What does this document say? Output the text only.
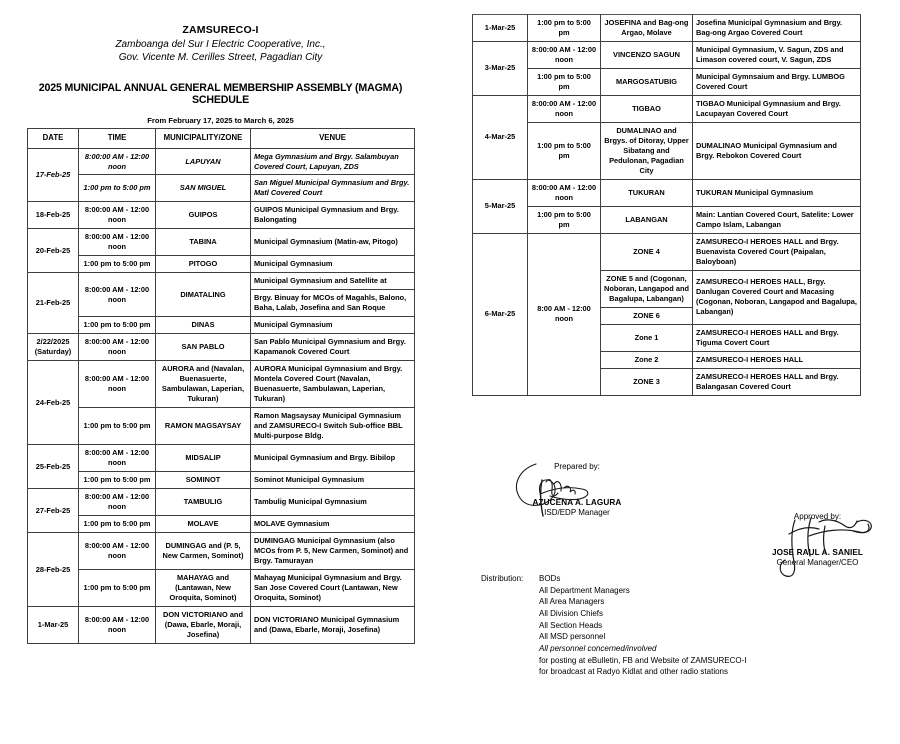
ZAMSURECO-I
Zamboanga del Sur I Electric Cooperative, Inc.,
Gov. Vicente M. Cerilles Street, Pagadian City
2025 MUNICIPAL ANNUAL GENERAL MEMBERSHIP ASSEMBLY (MAGMA) SCHEDULE
From February 17, 2025 to March 6, 2025
DATE	TIME	MUNICIPALITY/ZONE	VENUE
17-Feb-25	8:00:00 AM - 12:00 noon	LAPUYAN	Mega Gymnasium and Brgy. Salambuyan Covered Court, Lapuyan, ZDS
	1:00 pm to 5:00 pm	SAN MIGUEL	San Miguel Municipal Gymnasium and Brgy. Matl Covered Court
18-Feb-25	8:00:00 AM - 12:00 noon	GUIPOS	GUIPOS Municipal Gymnasium and Brgy. Balongating
20-Feb-25	8:00:00 AM - 12:00 noon	TABINA	Municipal Gymnasium (Matin-aw, Pitogo)
	1:00 pm to 5:00 pm	PITOGO	Municipal Gymnasium
21-Feb-25	8:00:00 AM - 12:00 noon	DIMATALING	Municipal Gymnasium and Satellite at
			Brgy. Binuay for MCOs of Magahls, Balono, Baha, Lalab, Josefina and San Roque
	1:00 pm to 5:00 pm	DINAS	Municipal Gymnasium
2/22/2025
(Saturday)	8:00:00 AM - 12:00 noon	SAN PABLO	San Pablo Municipal Gymnasium and Brgy. Kapamanok Covered Court
24-Feb-25	8:00:00 AM - 12:00 noon	AURORA and (Navalan, Buenasuerte, Sambulawan, Laperian, Tukuran)	AURORA Municipal Gymnasium and Brgy. Montela Covered Court (Navalan, Buenasuerte, Sambulawan, Laperian, Tukuran)
	1:00 pm to 5:00 pm	RAMON MAGSAYSAY	Ramon Magsaysay Municipal Gymnasium and ZAMSURECO-I Switch Sub-office BBL Multi-purpose Bldg.
25-Feb-25	8:00:00 AM - 12:00 noon	MIDSALIP	Municipal Gymnasium and Brgy. Bibilop
	1:00 pm to 5:00 pm	SOMINOT	Sominot Municipal Gymnasium
27-Feb-25	8:00:00 AM - 12:00 noon	TAMBULIG	Tambulig Municipal Gymnasium
	1:00 pm to 5:00 pm	MOLAVE	MOLAVE Gymnasium
28-Feb-25	8:00:00 AM - 12:00 noon	DUMINGAG and (P. 5, New Carmen, Sominot)	DUMINGAG Municipal Gymnasium (also MCOs from P. 5, New Carmen, Sominot) and Brgy. Tamurayan
	1:00 pm to 5:00 pm	MAHAYAG and (Lantawan, New Oroquita, Sominot)	Mahayag Municipal Gymnasium and Brgy. San Jose Covered Court (Lantawan, New Oroquita, Sominot)
1-Mar-25	8:00:00 AM - 12:00 noon	DON VICTORIANO and (Dawa, Ebarle, Moraji, Josefina)	DON VICTORIANO Municipal Gymnasium and (Dawa, Ebarle, Moraji, Josefina)
1-Mar-25	1:00 pm to 5:00 pm	JOSEFINA and Bag-ong Argao, Molave	Josefina Municipal Gymnasium and Brgy. Bag-ong Argao Covered Court
3-Mar-25	8:00:00 AM - 12:00 noon	VINCENZO SAGUN	Municipal Gymnasium, V. Sagun, ZDS and Limason covered court, V. Sagun, ZDS
	1:00 pm to 5:00 pm	MARGOSATUBIG	Municipal Gymnsaium and Brgy. LUMBOG Covered Court
4-Mar-25	8:00:00 AM - 12:00 noon	TIGBAO	TIGBAO Municipal Gymnasium and Brgy. Lacupayan Covered Court
	1:00 pm to 5:00 pm	DUMALINAO and Brgys. of Ditoray, Upper Sibatang and Pedulonan, Pagadian City	DUMALINAO Municipal Gymnasium and Brgy. Rebokon Covered Court
5-Mar-25	8:00:00 AM - 12:00 noon	TUKURAN	TUKURAN Municipal Gymnasium
	1:00 pm to 5:00 pm	LABANGAN	Main: Lantian Covered Court, Satelite: Lower Campo Islam, Labangan
6-Mar-25	8:00 AM - 12:00 noon	ZONE 4	ZAMSURECO-I HEROES HALL and Brgy. Buenavista Covered Court (Paipalan, Baloyboan)
		ZONE 5 and (Cogonan, Noboran, Langapod and Bagalupa, Labangan)	ZAMSURECO-I HEROES HALL, Brgy. Danlugan Covered Court and Macasing (Cogonan, Noboran, Langapod and Bagalupa, Labangan)
		ZONE 6	
		Zone 1	ZAMSURECO-I HEROES HALL and Brgy. Tiguma Covert Court
		Zone 2	ZAMSURECO-I HEROES HALL
		ZONE 3	ZAMSURECO-I HEROES HALL and Brgy. Balangasan Covered Court
Prepared by:
AZUCENA A. LAGURA
ISD/EDP Manager	Approved by:
JOSE RAUL A. SANIEL
General Manager/CEO
Distribution:	BODs
All Department Managers
All Area Managers
All Division Chiefs
All Section Heads
All MSD personnel
All personnel concerned/involved
for posting at eBulletin, FB and Website of ZAMSURECO-I
for broadcast at Radyo Kidlat and other radio stations
